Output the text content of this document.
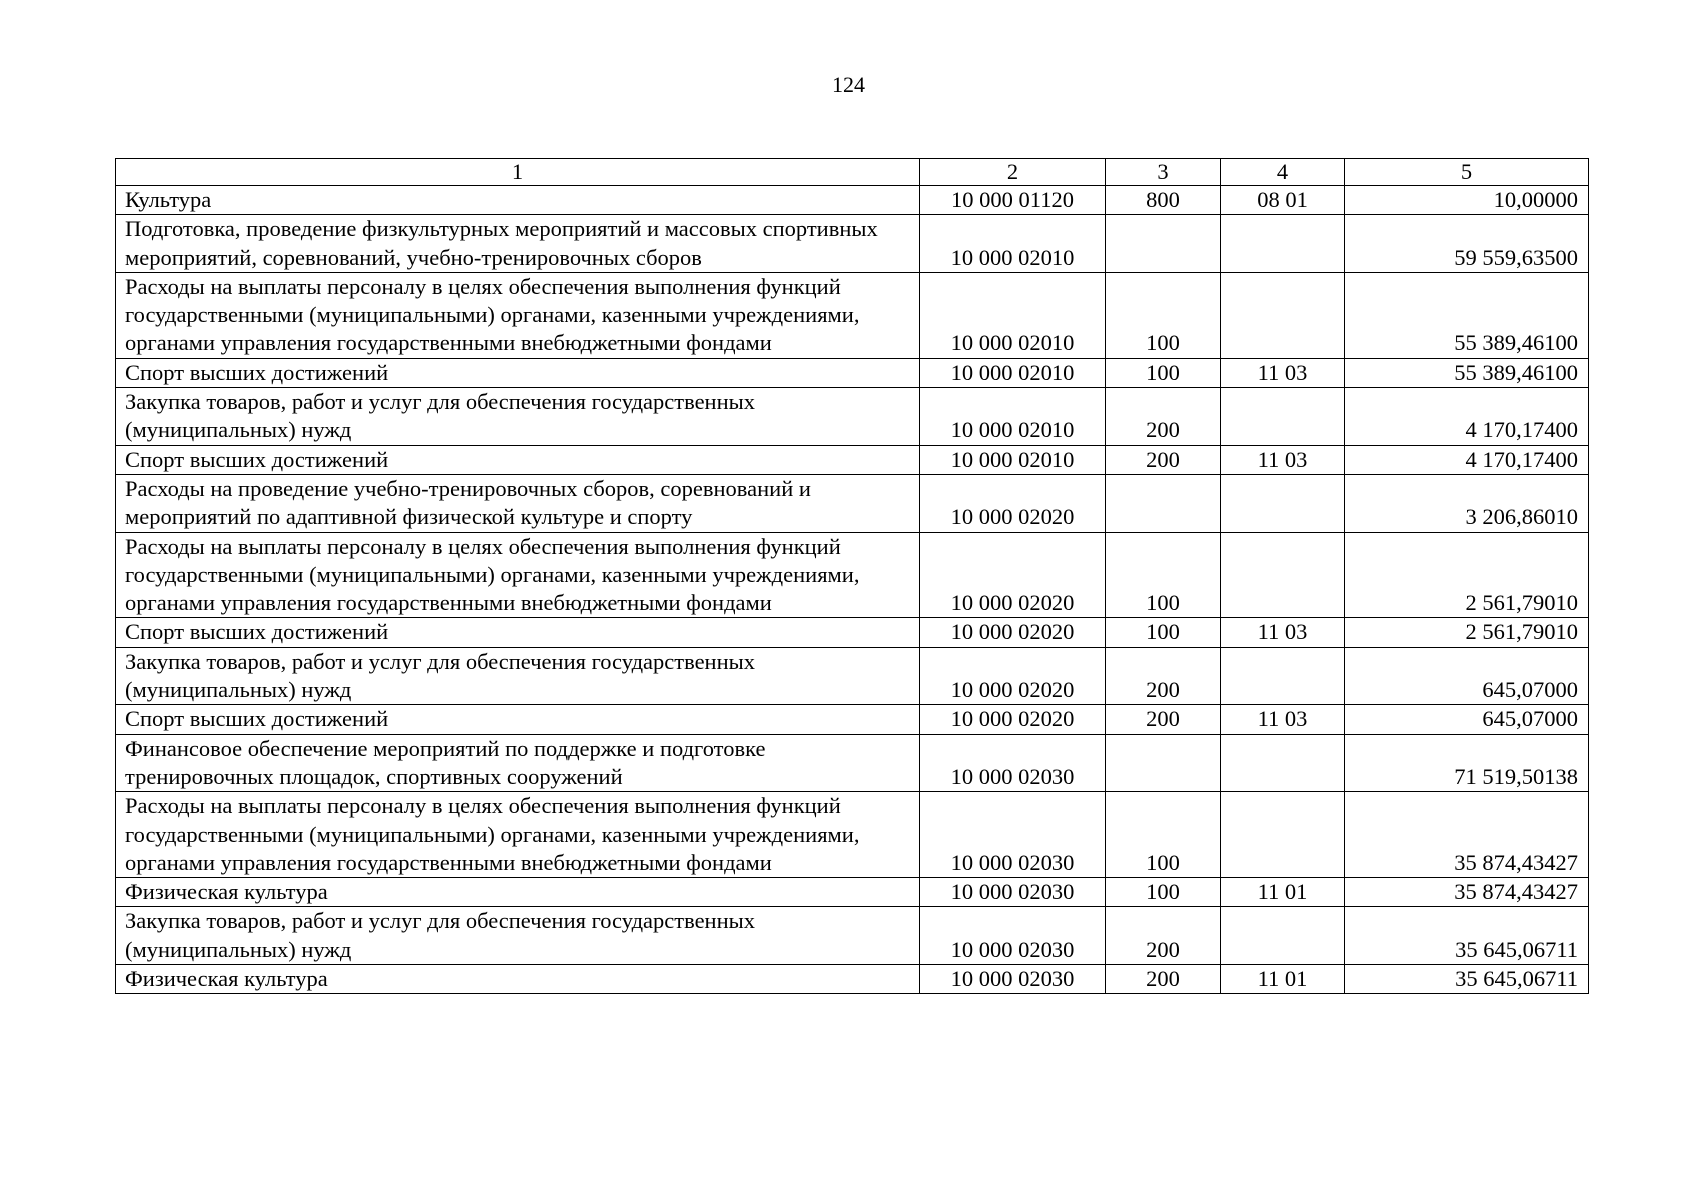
124
1	2	3	4	5
Культура	10 000 01120	800	08 01	10,00000
Подготовка, проведение физкультурных мероприятий и массовых спортивных мероприятий, соревнований, учебно-тренировочных сборов	10 000 02010			59 559,63500
Расходы на выплаты персоналу в целях обеспечения выполнения функций государственными (муниципальными) органами, казенными учреждениями, органами управления государственными внебюджетными фондами	10 000 02010	100		55 389,46100
Спорт высших достижений	10 000 02010	100	11 03	55 389,46100
Закупка товаров, работ и услуг для обеспечения государственных (муниципальных) нужд	10 000 02010	200		4 170,17400
Спорт высших достижений	10 000 02010	200	11 03	4 170,17400
Расходы на проведение учебно-тренировочных сборов, соревнований и мероприятий по адаптивной физической культуре и спорту	10 000 02020			3 206,86010
Расходы на выплаты персоналу в целях обеспечения выполнения функций государственными (муниципальными) органами, казенными учреждениями, органами управления государственными внебюджетными фондами	10 000 02020	100		2 561,79010
Спорт высших достижений	10 000 02020	100	11 03	2 561,79010
Закупка товаров, работ и услуг для обеспечения государственных (муниципальных) нужд	10 000 02020	200		645,07000
Спорт высших достижений	10 000 02020	200	11 03	645,07000
Финансовое обеспечение мероприятий по поддержке и подготовке тренировочных площадок, спортивных сооружений	10 000 02030			71 519,50138
Расходы на выплаты персоналу в целях обеспечения выполнения функций государственными (муниципальными) органами, казенными учреждениями, органами управления государственными внебюджетными фондами	10 000 02030	100		35 874,43427
Физическая культура	10 000 02030	100	11 01	35 874,43427
Закупка товаров, работ и услуг для обеспечения государственных (муниципальных) нужд	10 000 02030	200		35 645,06711
Физическая культура	10 000 02030	200	11 01	35 645,06711
